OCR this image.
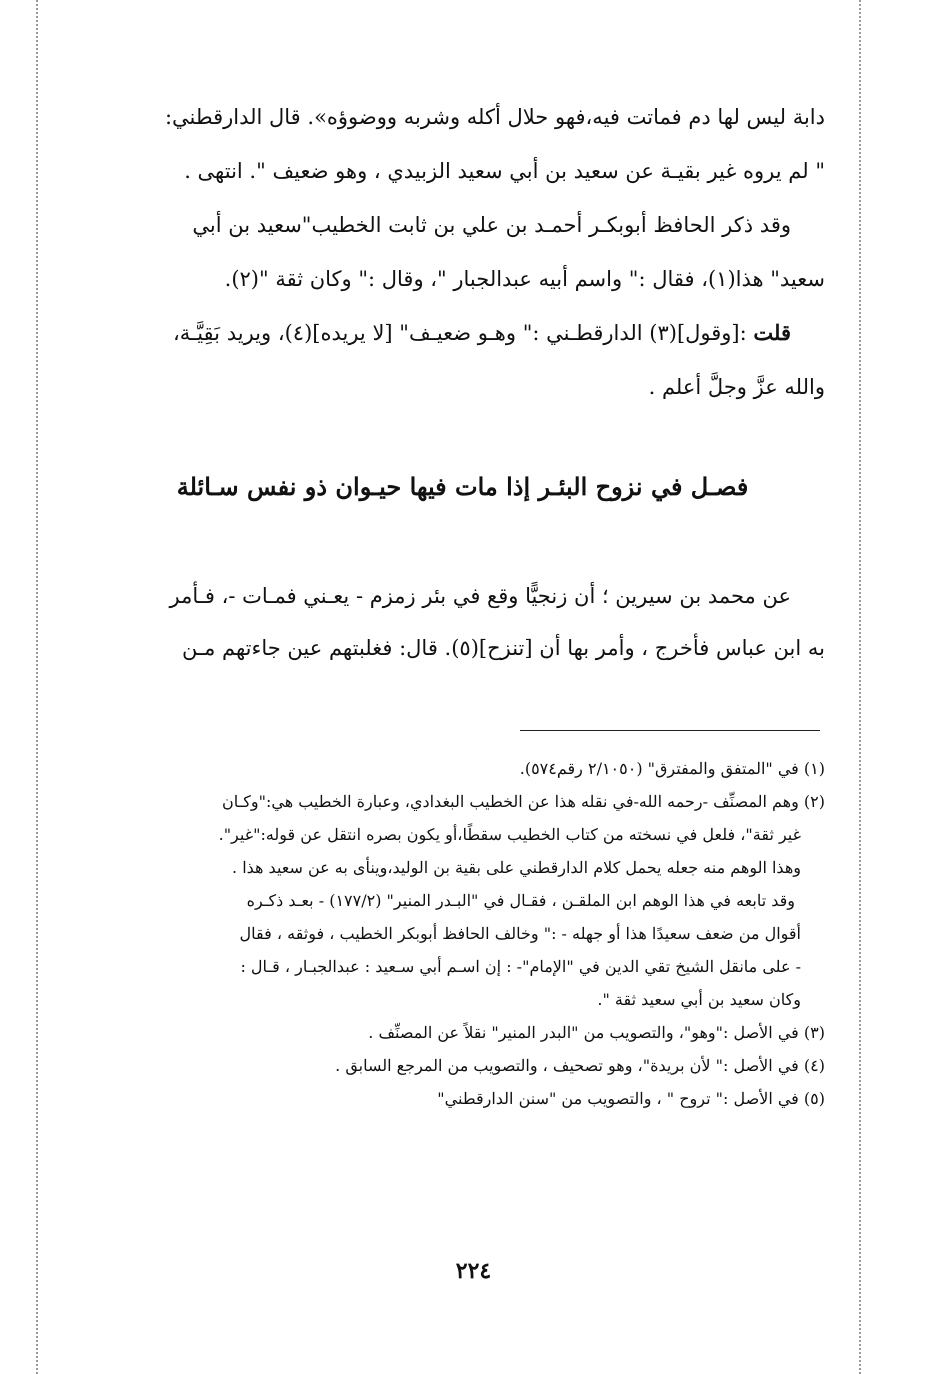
دابة ليس لها دم فماتت فيه،فهو حلال أكله وشربه ووضوؤه». قال الدارقطني:
" لم يروه غير بقيـة عن سعيد بن أبي سعيد الزبيدي ، وهو ضعيف ". انتهى .
وقد ذكر الحافظ أبوبكـر أحمـد بن علي بن ثابت الخطيب"سعيد بن أبي
سعيد" هذا(١)، فقال :" واسم أبيه عبدالجبار "، وقال :" وكان ثقة "(٢).

قلت :[وقول](٣) الدارقطـني :" وهـو ضعيـف" [لا يريده](٤)، ويريد بَقِيَّـة،
والله عزَّ وجلَّ أعلم .

فصـل في نزوح البئـر إذا مات فيها حيـوان ذو نفس سـائلة

عن محمد بن سيرين ؛ أن زنجيًّا وقع في بئر زمزم - يعـني فمـات -، فـأمر
به ابن عباس فأخرج ، وأمر بها أن [تنزح](٥). قال: فغلبتهم عين جاءتهم مـن

(١) في "المتفق والمفترق" (٢/١٠٥٠ رقم٥٧٤).
(٢) وهم المصنِّف -رحمه الله-في نقله هذا عن الخطيب البغدادي، وعبارة الخطيب هي:"وكـان
غير ثقة"، فلعل في نسخته من كتاب الخطيب سقطًا،أو يكون بصره انتقل عن قوله:"غير".
وهذا الوهم منه جعله يحمل كلام الدارقطني على بقية بن الوليد،وينأى به عن سعيد هذا .
وقد تابعه في هذا الوهم ابن الملقـن ، فقـال في "البـدر المنير" (١٧٧/٢) - بعـد ذكـره
أقوال من ضعف سعيدًا هذا أو جهله - :" وخالف الحافظ أبوبكر الخطيب ، فوثقه ، فقال
- على مانقل الشيخ تقي الدين في "الإمام"- : إن اسـم أبي سـعيد : عبدالجبـار ، قـال :
وكان سعيد بن أبي سعيد ثقة ".
(٣) في الأصل :"وهو"، والتصويب من "البدر المنير" نقلاً عن المصنِّف .
(٤) في الأصل :" لأن بريدة"، وهو تصحيف ، والتصويب من المرجع السابق .
(٥) في الأصل :" تروح " ، والتصويب من "سنن الدارقطني"
٢٢٤
